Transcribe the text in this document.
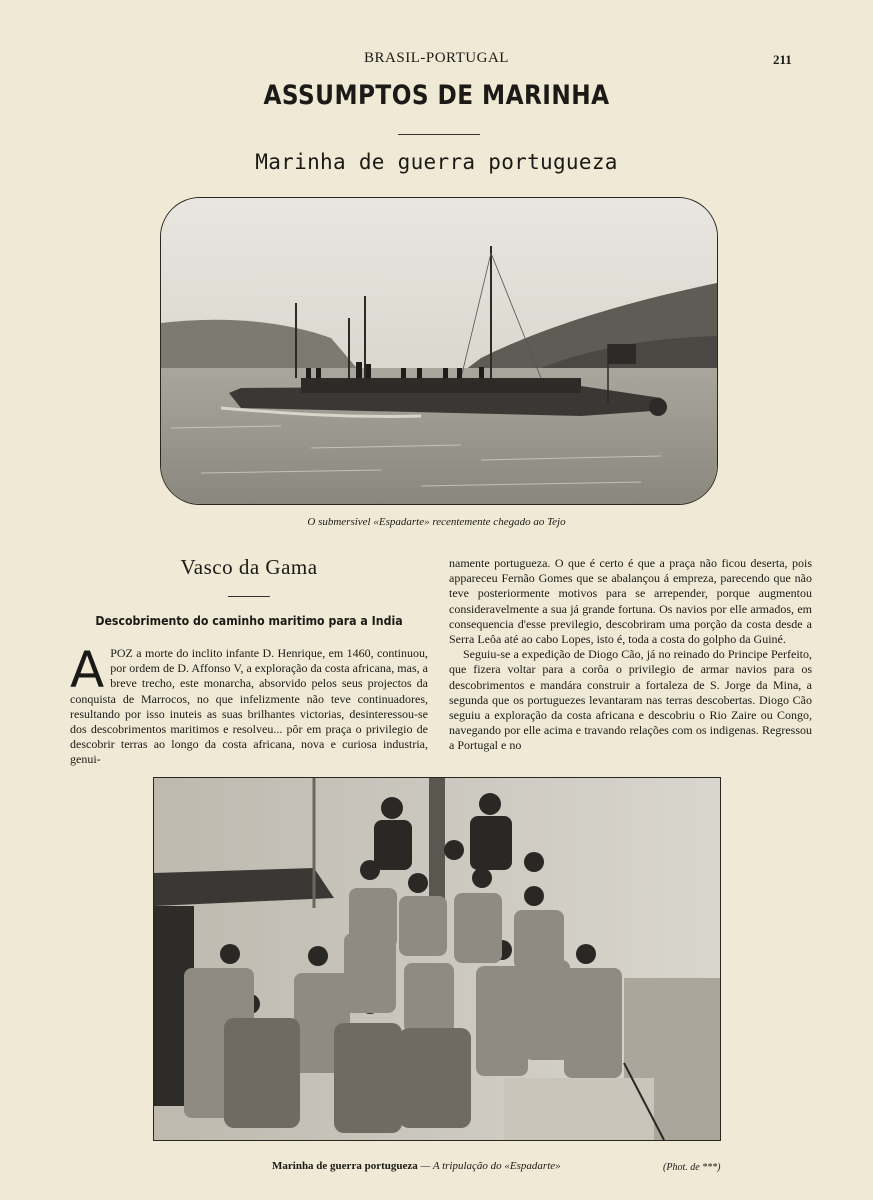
BRASIL-PORTUGAL	211
ASSUMPTOS DE MARINHA
Marinha de guerra portugueza
O submersivel «Espadarte» recentemente chegado ao Tejo
Vasco da Gama
Descobrimento do caminho maritimo para a India
APOZ a morte do inclito infante D. Henrique, em 1460, continuou, por ordem de D. Affonso V, a exploração da costa africana, mas, a breve trecho, este monarcha, absorvido pelos seus projectos da conquista de Marrocos, no que infelizmente não teve continuadores, resultando por isso inuteis as suas brilhantes victorias, desinteressou-se dos descobrimentos maritimos e resolveu... pôr em praça o privilegio de descobrir terras ao longo da costa africana, nova e curiosa industria, genui-

namente portugueza. O que é certo é que a praça não ficou deserta, pois appareceu Fernão Gomes que se abalançou á empreza, parecendo que não teve posteriormente motivos para se arrepender, porque augmentou consideravelmente a sua já grande fortuna. Os navios por elle armados, em consequencia d'esse previlegio, descobriram uma porção da costa desde a Serra Leôa até ao cabo Lopes, isto é, toda a costa do golpho da Guiné.

Seguiu-se a expedição de Diogo Cão, já no reinado do Principe Perfeito, que fizera voltar para a corôa o privilegio de armar navios para os descobrimentos e mandára construir a fortaleza de S. Jorge da Mina, a segunda que os portuguezes levantaram nas terras descobertas. Diogo Cão seguiu a exploração da costa africana e descobriu o Rio Zaire ou Congo, navegando por elle acima e travando relações com os indigenas. Regressou a Portugal e no

Marinha de guerra portugueza — A tripulação do «Espadarte»	(Phot. de ***)
